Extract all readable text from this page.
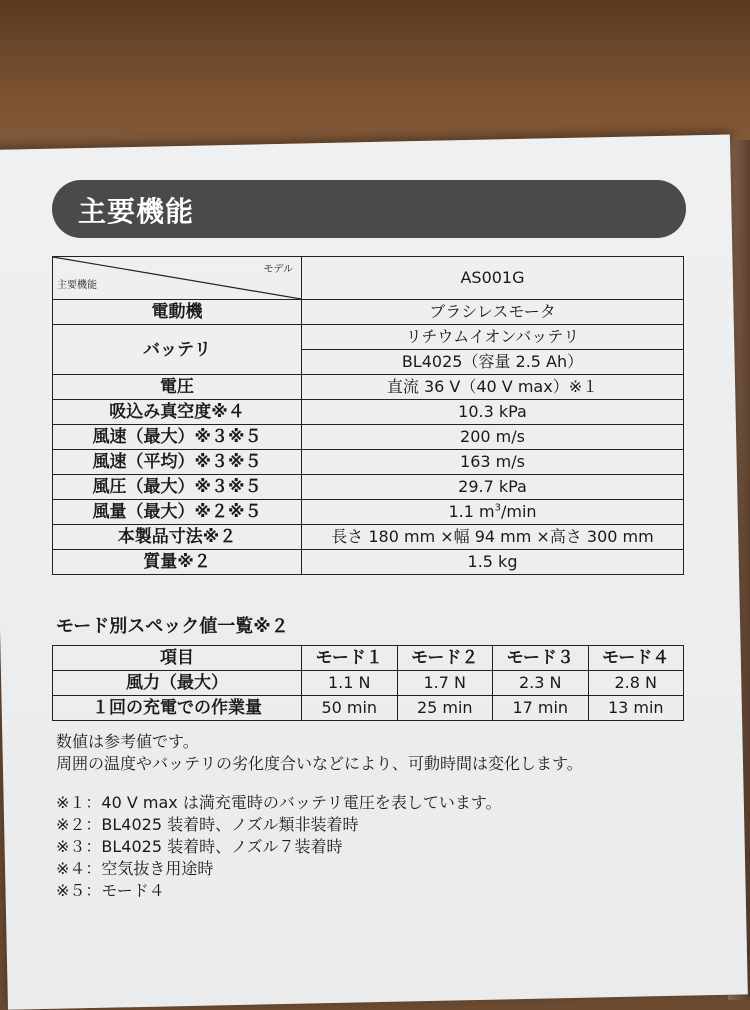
主要機能
モデル
主要機能	AS001G
電動機	ブラシレスモータ
バッテリ	リチウムイオンバッテリ
	BL4025（容量 2.5 Ah）
電圧	直流 36 V（40 V max）※１
吸込み真空度※４	10.3 kPa
風速（最大）※３※５	200 m/s
風速（平均）※３※５	163 m/s
風圧（最大）※３※５	29.7 kPa
風量（最大）※２※５	1.1 $m^3/\min$
本製品寸法※２	長さ 180 mm ×幅 94 mm ×高さ 300 mm
質量※２	1.5 kg
モード別スペック値一覧※２
項目	モード１	モード２	モード３	モード４
風力（最大）	1.1 N	1.7 N	2.3 N	2.8 N
１回の充電での作業量	50 min	25 min	17 min	13 min
数値は参考値です。
周囲の温度やバッテリの劣化度合いなどにより、可動時間は変化します。
※１：40 V max は満充電時のバッテリ電圧を表しています。
※２：BL4025 装着時、ノズル類非装着時
※３：BL4025 装着時、ノズル７装着時
※４：空気抜き用途時
※５：モード４
